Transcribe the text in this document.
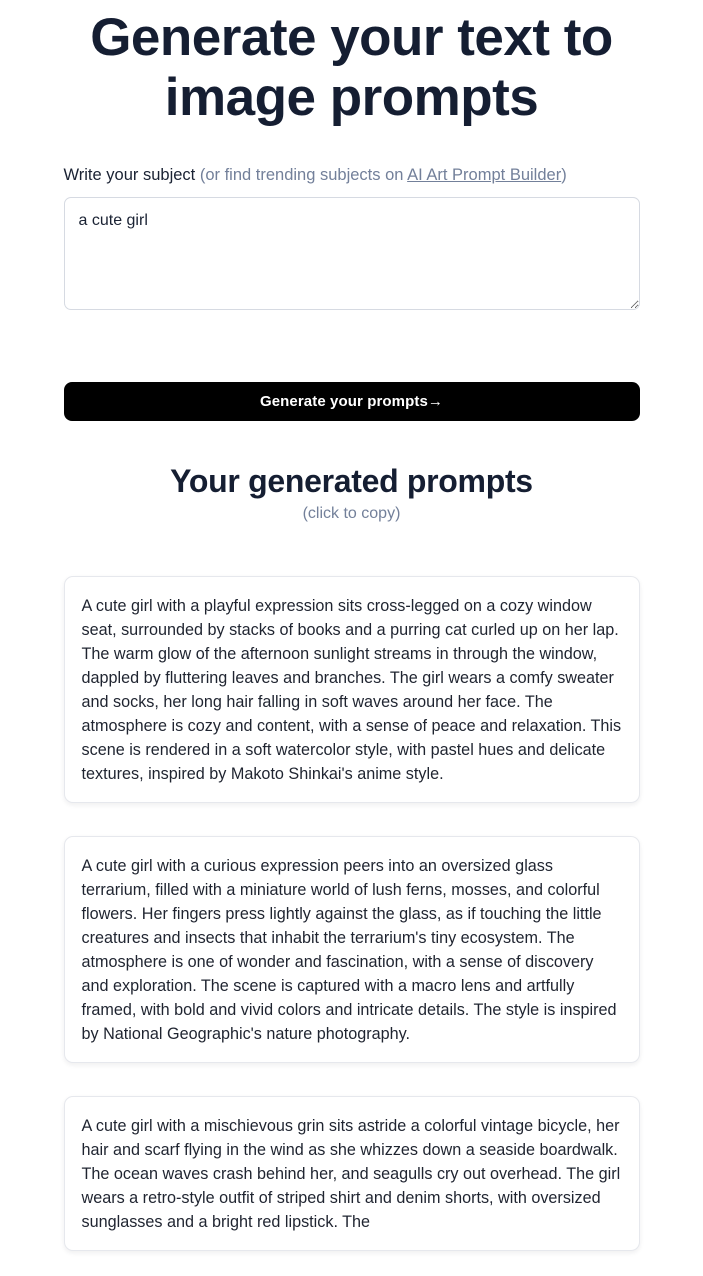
Generate your text to image prompts
Write your subject (or find trending subjects on AI Art Prompt Builder)
a cute girl
Generate your prompts→
Your generated prompts
(click to copy)

A cute girl with a playful expression sits cross-legged on a cozy window seat, surrounded by stacks of books and a purring cat curled up on her lap. The warm glow of the afternoon sunlight streams in through the window, dappled by fluttering leaves and branches. The girl wears a comfy sweater and socks, her long hair falling in soft waves around her face. The atmosphere is cozy and content, with a sense of peace and relaxation. This scene is rendered in a soft watercolor style, with pastel hues and delicate textures, inspired by Makoto Shinkai's anime style.

A cute girl with a curious expression peers into an oversized glass terrarium, filled with a miniature world of lush ferns, mosses, and colorful flowers. Her fingers press lightly against the glass, as if touching the little creatures and insects that inhabit the terrarium's tiny ecosystem. The atmosphere is one of wonder and fascination, with a sense of discovery and exploration. The scene is captured with a macro lens and artfully framed, with bold and vivid colors and intricate details. The style is inspired by National Geographic's nature photography.

A cute girl with a mischievous grin sits astride a colorful vintage bicycle, her hair and scarf flying in the wind as she whizzes down a seaside boardwalk. The ocean waves crash behind her, and seagulls cry out overhead. The girl wears a retro-style outfit of striped shirt and denim shorts, with oversized sunglasses and a bright red lipstick. The
